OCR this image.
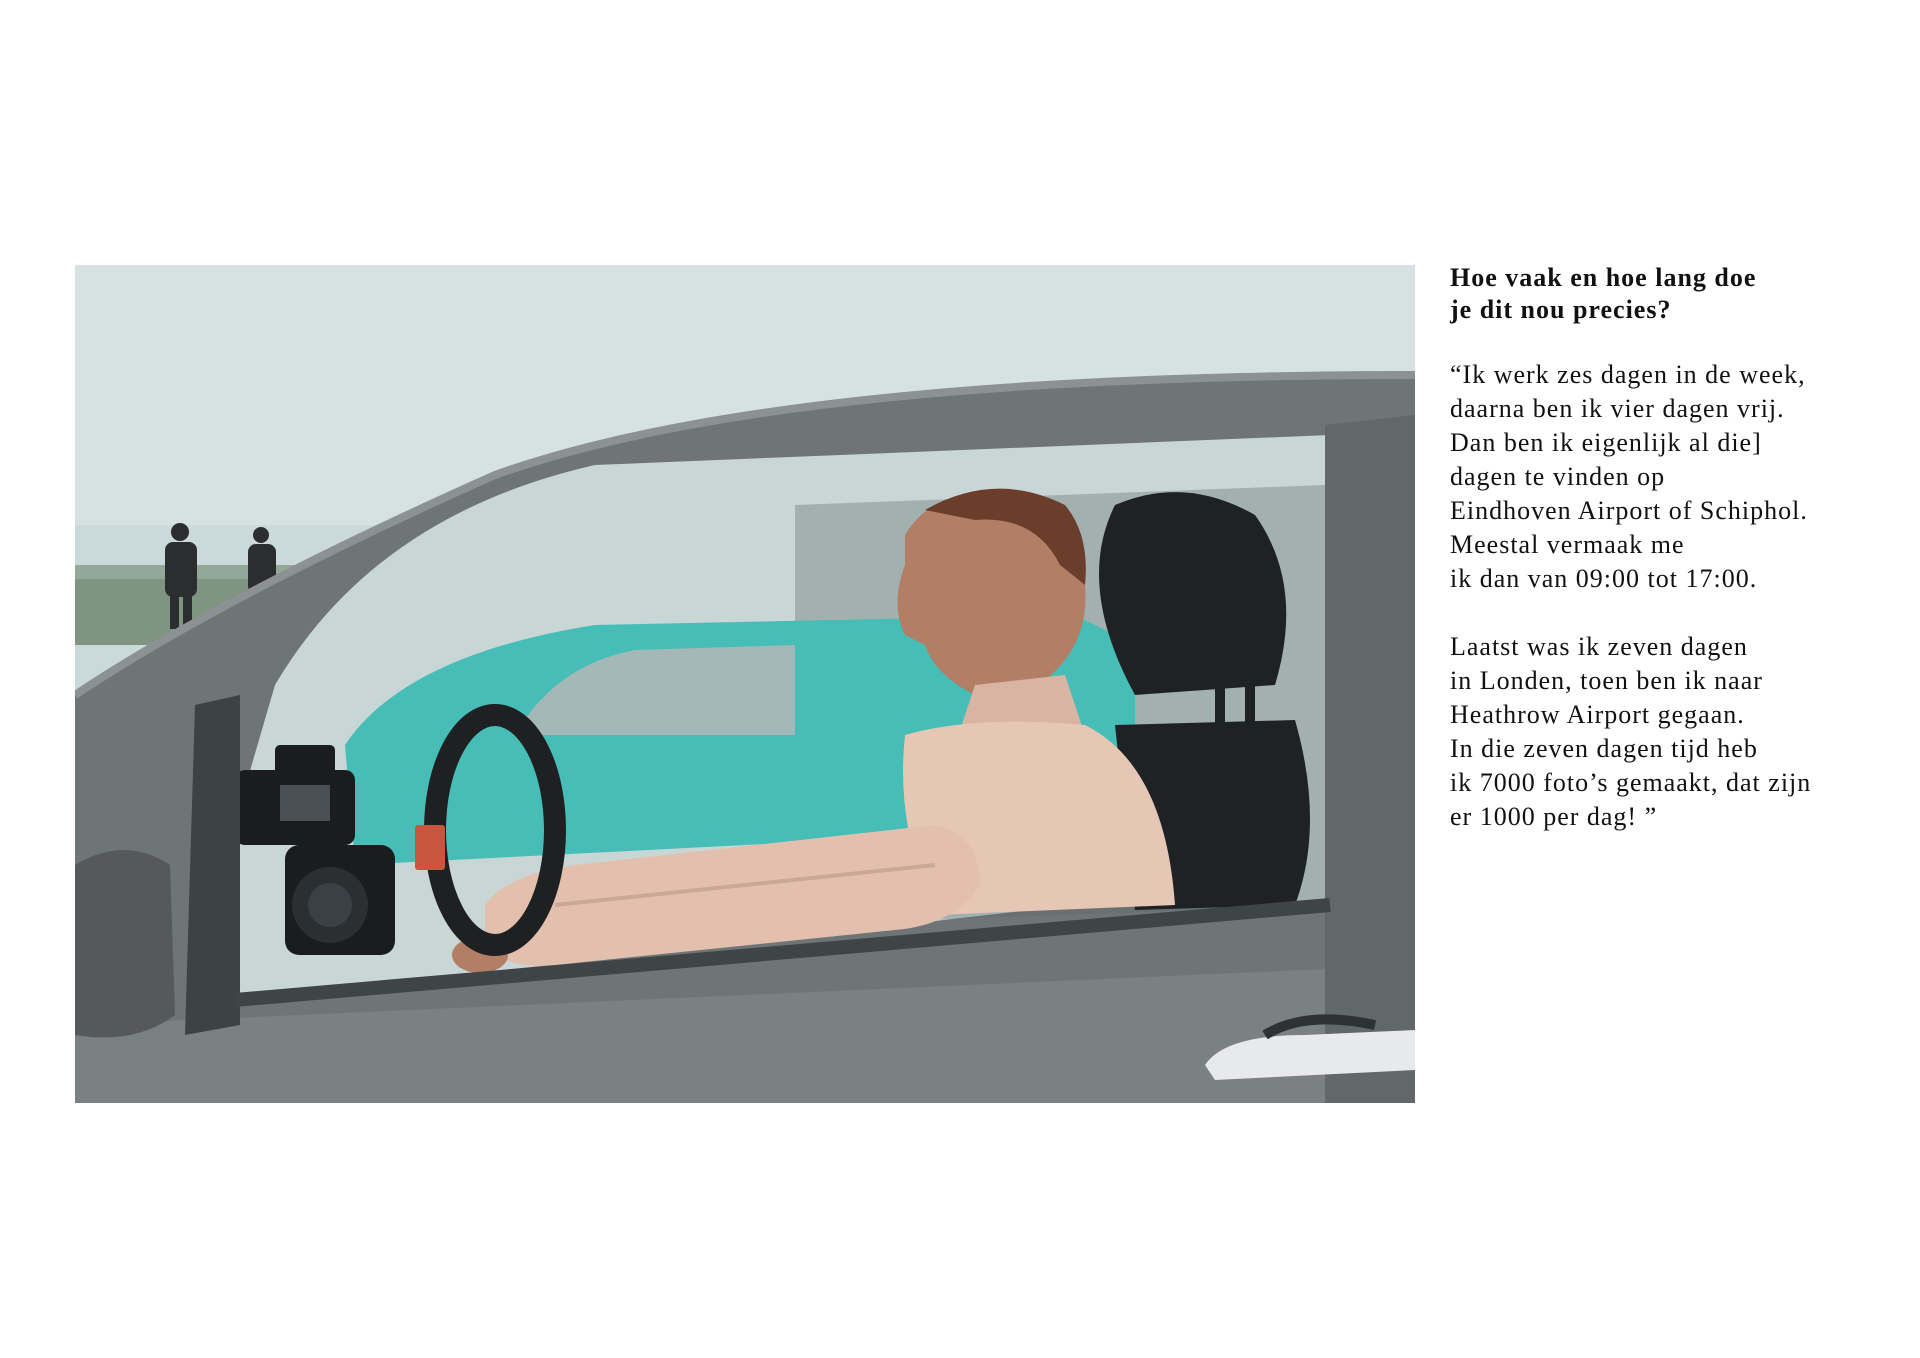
Hoe vaak en hoe lang doe
je dit nou precies?
“Ik werk zes dagen in de week,
daarna ben ik vier dagen vrij.
Dan ben ik eigenlijk al die]
dagen te vinden op
Eindhoven Airport of Schiphol.
Meestal vermaak me
ik dan van 09:00 tot 17:00.
Laatst was ik zeven dagen
in Londen, toen ben ik naar
Heathrow Airport gegaan.
In die zeven dagen tijd heb
ik 7000 foto’s gemaakt, dat zijn
er 1000 per dag! ”
